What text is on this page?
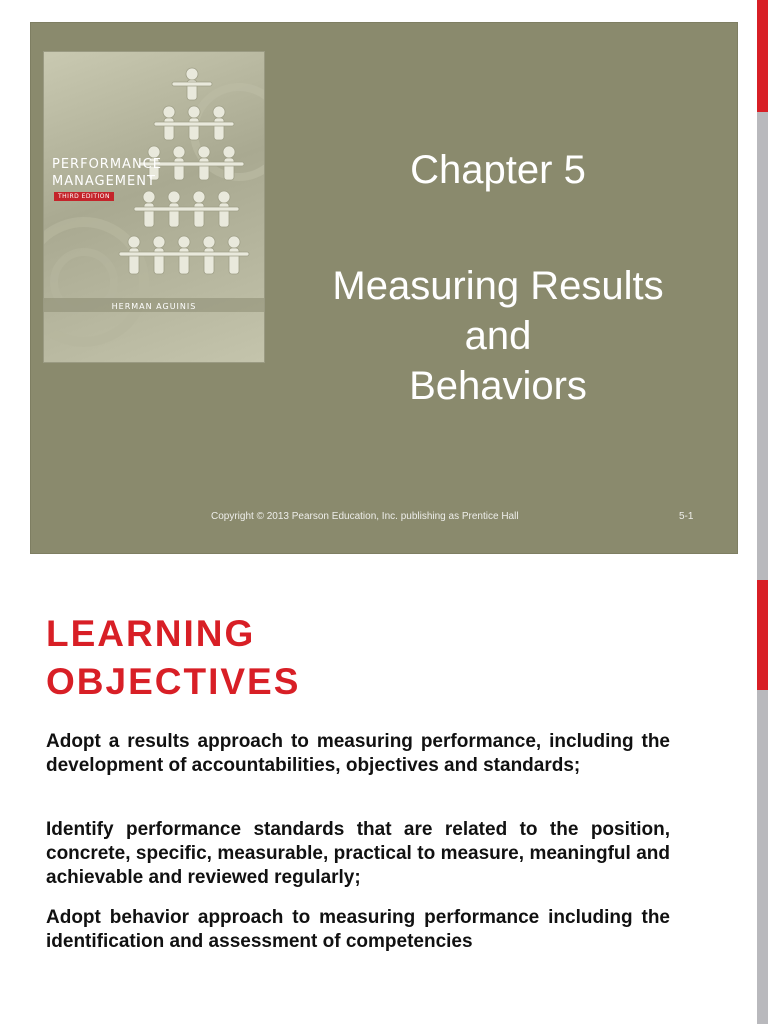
PERFORMANCE
MANAGEMENT
THIRD EDITION
HERMAN AGUINIS
Chapter 5
Measuring Results
and
Behaviors
Copyright © 2013 Pearson Education, Inc. publishing as Prentice Hall	5-1
LEARNING
OBJECTIVES

Adopt a results approach to measuring performance, including the development of accountabilities, objectives and standards;

Identify performance standards that are related to the position, concrete, specific, measurable, practical to measure, meaningful and achievable and reviewed regularly;

Adopt behavior approach to measuring performance including the identification and assessment of competencies
